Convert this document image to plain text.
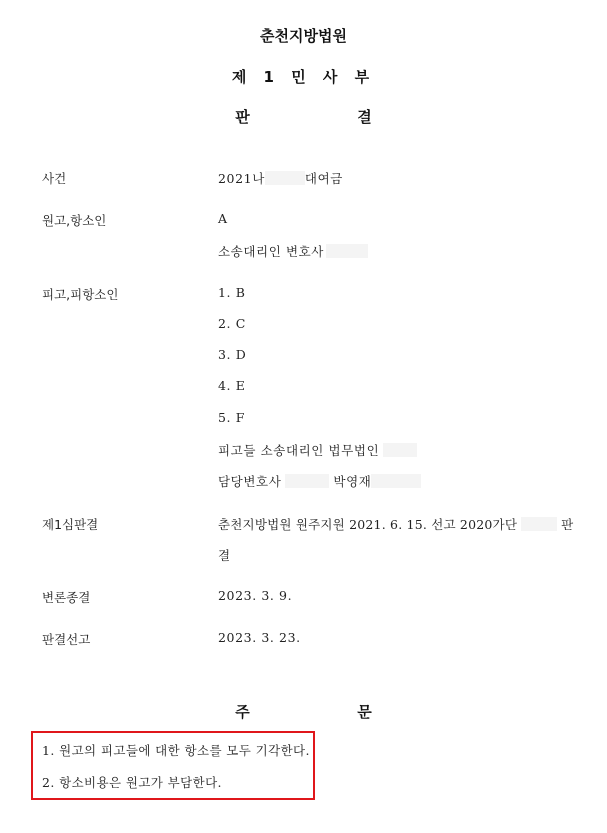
춘천지방법원
제 1 민 사 부
판	결
사건	2021나	대여금
원고,항소인	A
소송대리인 변호사
피고,피항소인	1. B
2. C
3. D
4. E
5. F
피고들 소송대리인 법무법인
담당변호사	박영재
제1심판결	춘천지방법원 원주지원 2021. 6. 15. 선고 2020가단	판
결
변론종결	2023. 3. 9.
판결선고	2023. 3. 23.
주	문
1. 원고의 피고들에 대한 항소를 모두 기각한다.
2. 항소비용은 원고가 부담한다.
